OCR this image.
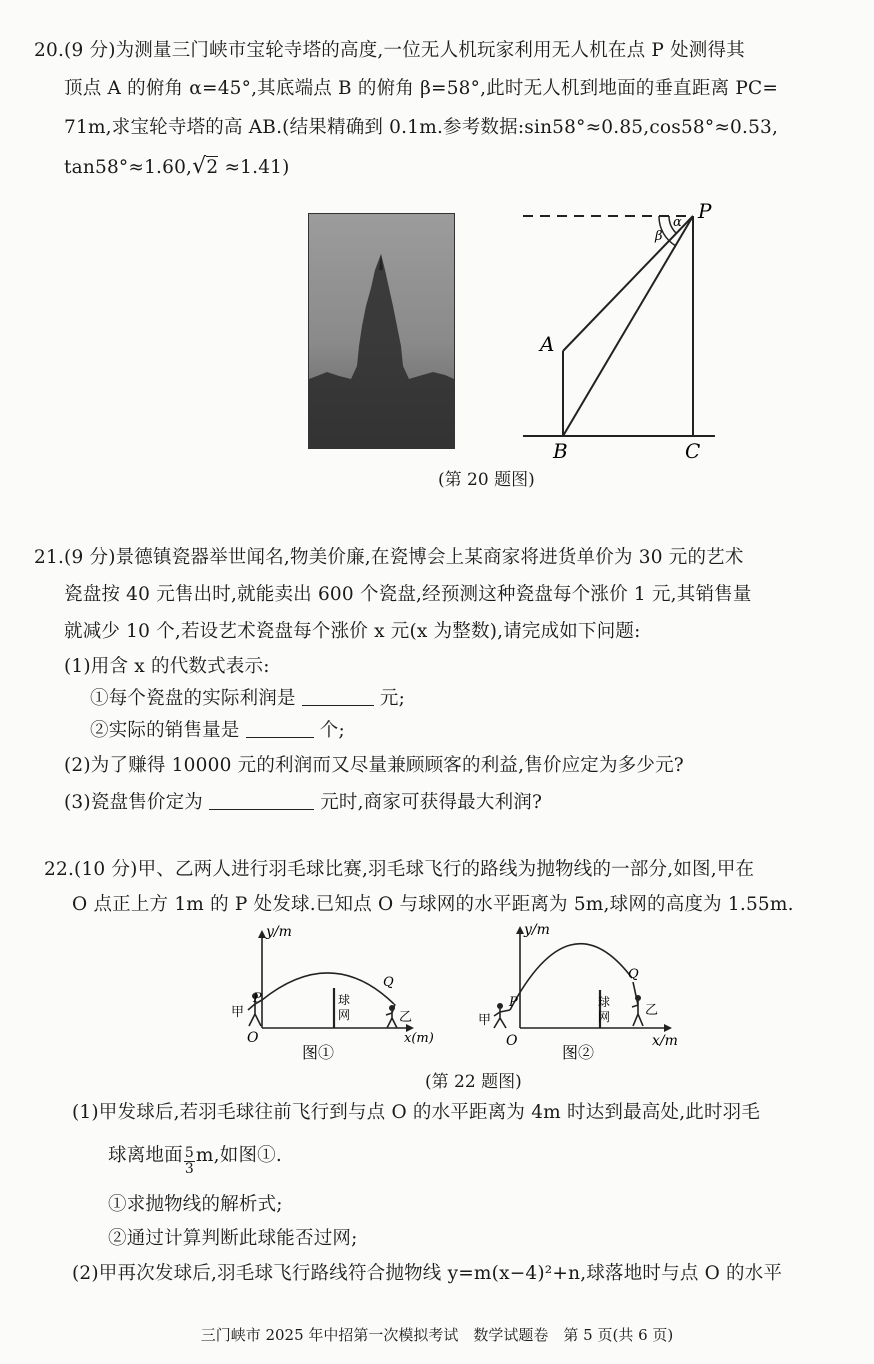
20.(9 分)为测量三门峡市宝轮寺塔的高度,一位无人机玩家利用无人机在点 P 处测得其
顶点 A 的俯角 α=45°,其底端点 B 的俯角 β=58°,此时无人机到地面的垂直距离 PC=
71m,求宝轮寺塔的高 AB.(结果精确到 0.1m.参考数据:sin58°≈0.85,cos58°≈0.53,
tan58°≈1.60,√2 ≈1.41)
α
β
P
A
B	C
(第 20 题图)
21.(9 分)景德镇瓷器举世闻名,物美价廉,在瓷博会上某商家将进货单价为 30 元的艺术
瓷盘按 40 元售出时,就能卖出 600 个瓷盘,经预测这种瓷盘每个涨价 1 元,其销售量
就减少 10 个,若设艺术瓷盘每个涨价 x 元(x 为整数),请完成如下问题:
(1)用含 x 的代数式表示:
①每个瓷盘的实际利润是	元;
②实际的销售量是	个;
(2)为了赚得 10000 元的利润而又尽量兼顾顾客的利益,售价应定为多少元?
(3)瓷盘售价定为	元时,商家可获得最大利润?
22.(10 分)甲、乙两人进行羽毛球比赛,羽毛球飞行的路线为抛物线的一部分,如图,甲在
O 点正上方 1m 的 P 处发球.已知点 O 与球网的水平距离为 5m,球网的高度为 1.55m.
y/m
x(m)
O
P
Q
甲	乙
球
网
图①
y/m
x/m
O
P
Q
甲
乙
球
网
图②
(第 22 题图)
(1)甲发球后,若羽毛球往前飞行到与点 O 的水平距离为 4m 时达到最高处,此时羽毛
球离地面 $\frac{5}{3} m$,如图①.
①求抛物线的解析式;
②通过计算判断此球能否过网;
(2)甲再次发球后,羽毛球飞行路线符合抛物线 y=m(x−4)²+n,球落地时与点 O 的水平
三门峡市 2025 年中招第一次模拟考试　数学试题卷　第 5 页(共 6 页)
